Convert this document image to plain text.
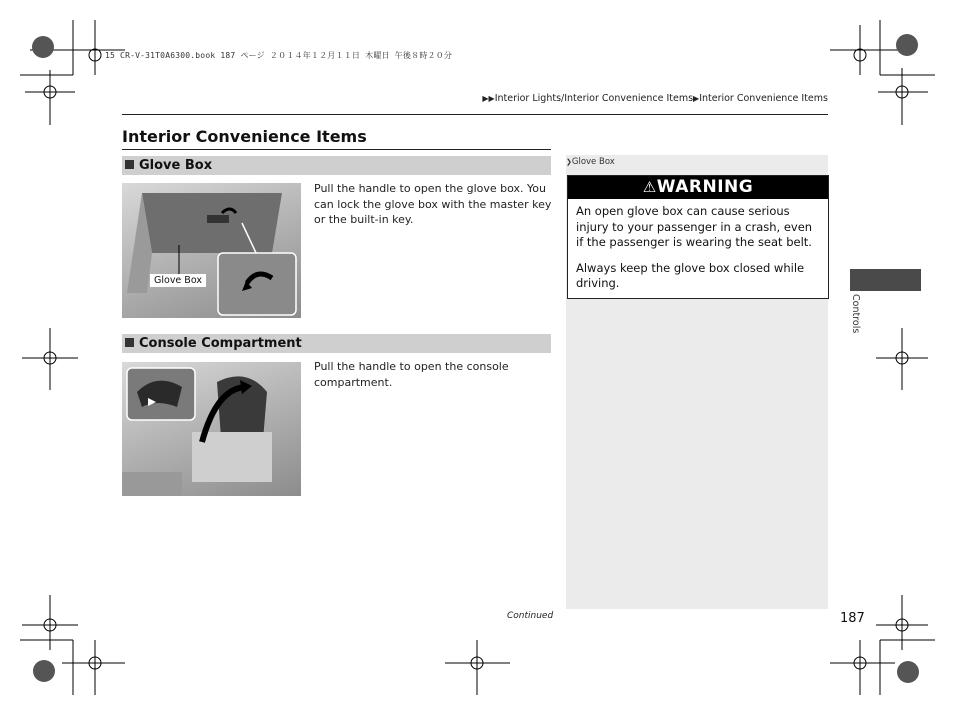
15 CR-V-31T0A6300.book 187 ページ ２０１４年１２月１１日 木曜日 午後８時２０分
▶▶Interior Lights/Interior Convenience Items▶Interior Convenience Items
Interior Convenience Items
Glove Box
Glove Box
Pull the handle to open the glove box. You can lock the glove box with the master key or the built-in key.
Console Compartment
Pull the handle to open the console compartment.
❯Glove Box
⚠WARNING

An open glove box can cause serious injury to your passenger in a crash, even if the passenger is wearing the seat belt.

Always keep the glove box closed while driving.

Controls
Continued	187
